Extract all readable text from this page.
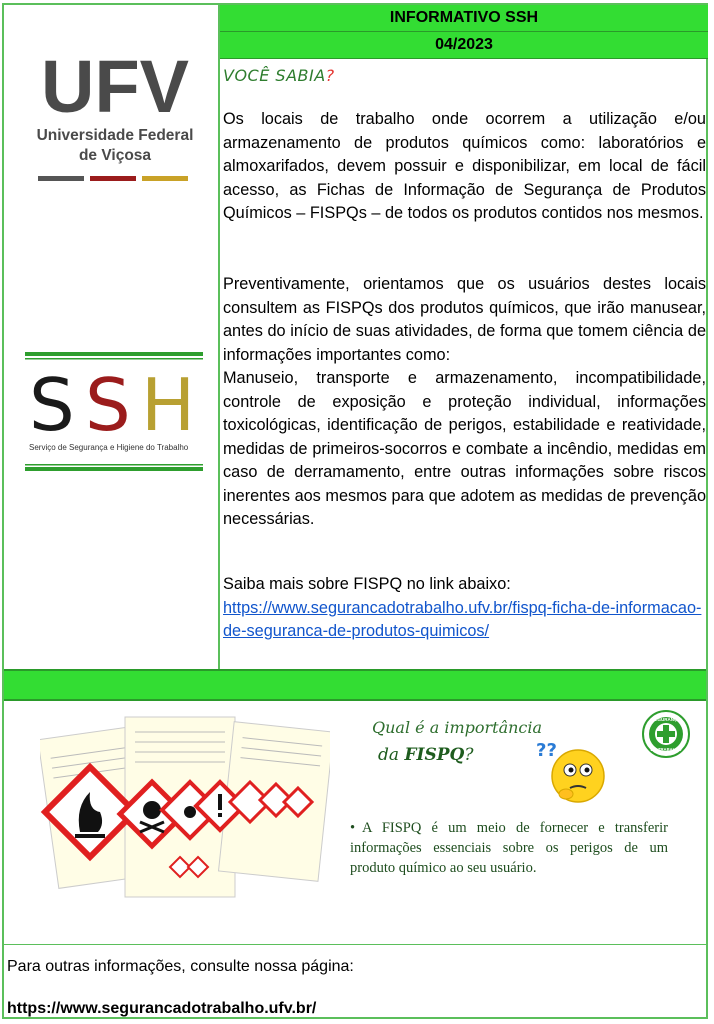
INFORMATIVO SSH
04/2023
UFV
Universidade Federal
de Viçosa
S S H
Serviço de Segurança e Higiene do Trabalho
VOCÊ SABIA?
Os locais de trabalho onde ocorrem a utilização e/ou armazenamento de produtos químicos como: laboratórios e almoxarifados, devem possuir e disponibilizar, em local de fácil acesso, as Fichas de Informação de Segurança de Produtos Químicos – FISPQs – de todos os produtos contidos nos mesmos.
Preventivamente, orientamos que os usuários destes locais consultem as FISPQs dos produtos químicos, que irão manusear, antes do início de suas atividades, de forma que tomem ciência de informações importantes como:
Manuseio, transporte e armazenamento, incompatibilidade, controle de exposição e proteção individual, informações toxicológicas, identificação de perigos, estabilidade e reatividade, medidas de primeiros-socorros e combate a incêndio, medidas em caso de derramamento, entre outras informações sobre riscos inerentes aos mesmos para que adotem as medidas de prevenção necessárias.
Saiba mais sobre FISPQ no link abaixo:
https://www.segurancadotrabalho.ufv.br/fispq-ficha-de-informacao-de-seguranca-de-produtos-quimicos/
Qual é a importância
da FISPQ?	??
SEGURANÇA
DO TRABALHO
• A FISPQ é um meio de fornecer e transferir informações essenciais sobre os perigos de um produto químico ao seu usuário.
Para outras informações, consulte nossa página:
https://www.segurancadotrabalho.ufv.br/
